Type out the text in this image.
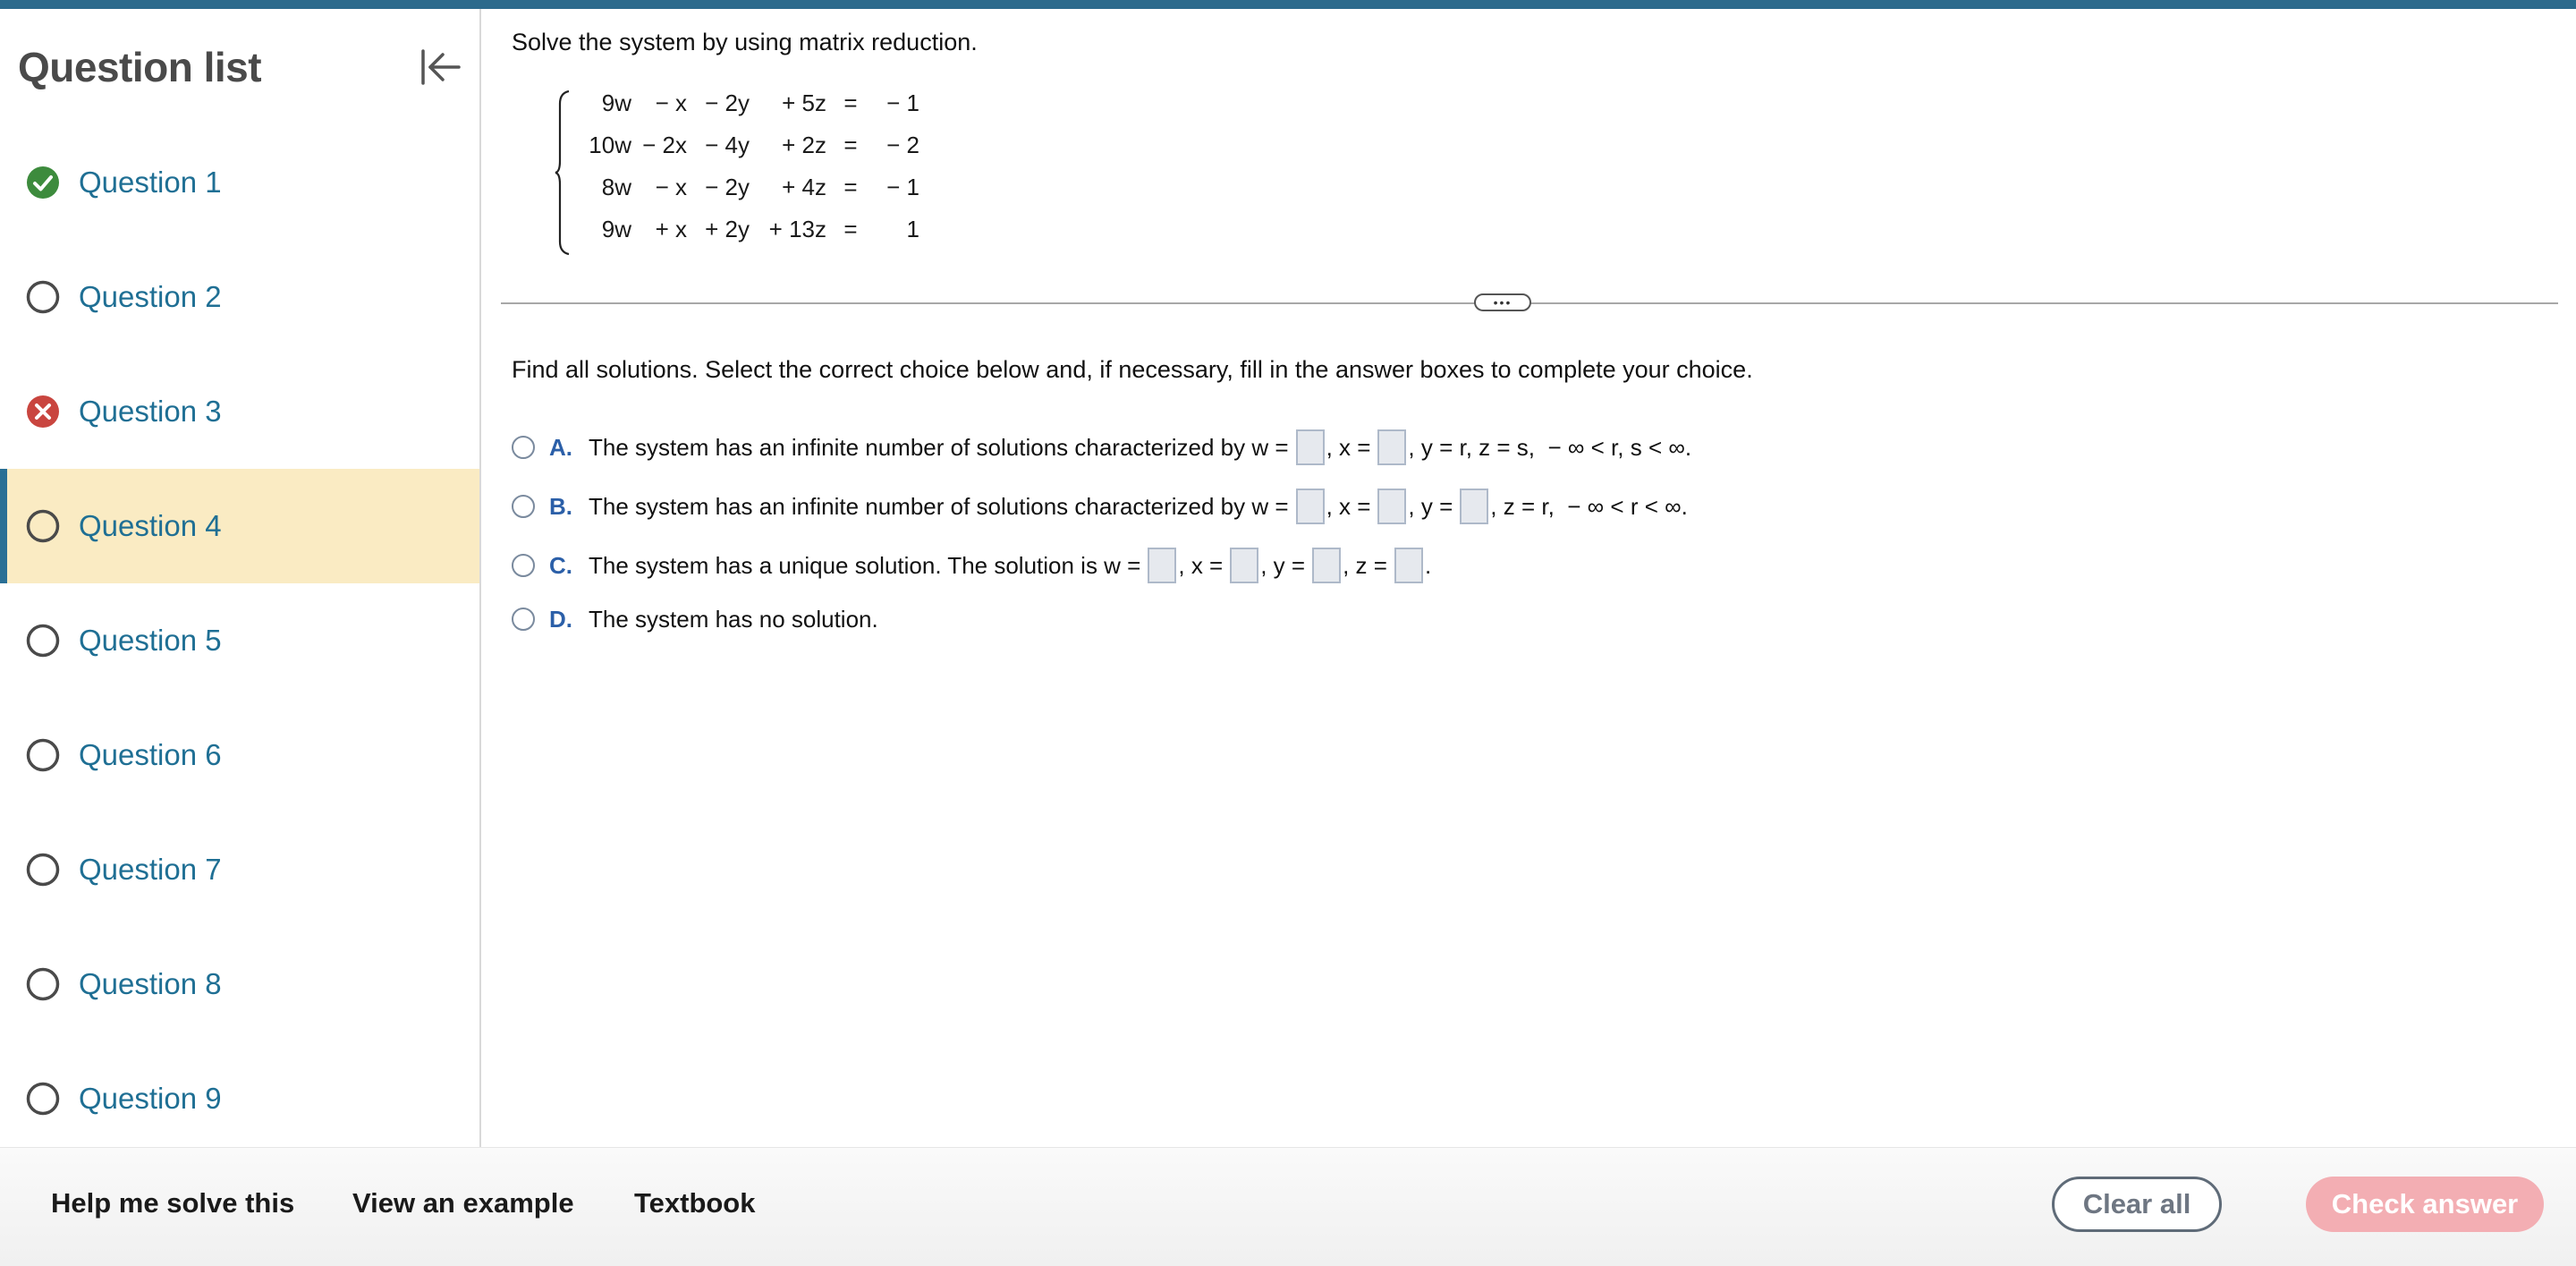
Question list
Question 1
Question 2
Question 3
Question 4
Question 5
Question 6
Question 7
Question 8
Question 9
Solve the system by using matrix reduction.
9w	− x	− 2y	+ 5z	=	− 1
10w	− 2x	− 4y	+ 2z	=	− 2
8w	− x	− 2y	+ 4z	=	− 1
9w	+ x	+ 2y	+ 13z	=	1
•••
Find all solutions. Select the correct choice below and, if necessary, fill in the answer boxes to complete your choice.
A. The system has an infinite number of solutions characterized by w = , x = , y = r, z = s,  − ∞ < r, s < ∞.
B. The system has an infinite number of solutions characterized by w = , x = , y = , z = r,  − ∞ < r < ∞.
C. The system has a unique solution. The solution is w = , x = , y = , z = .
D. The system has no solution.
Help me solve this View an example Textbook	Clear all	Check answer
